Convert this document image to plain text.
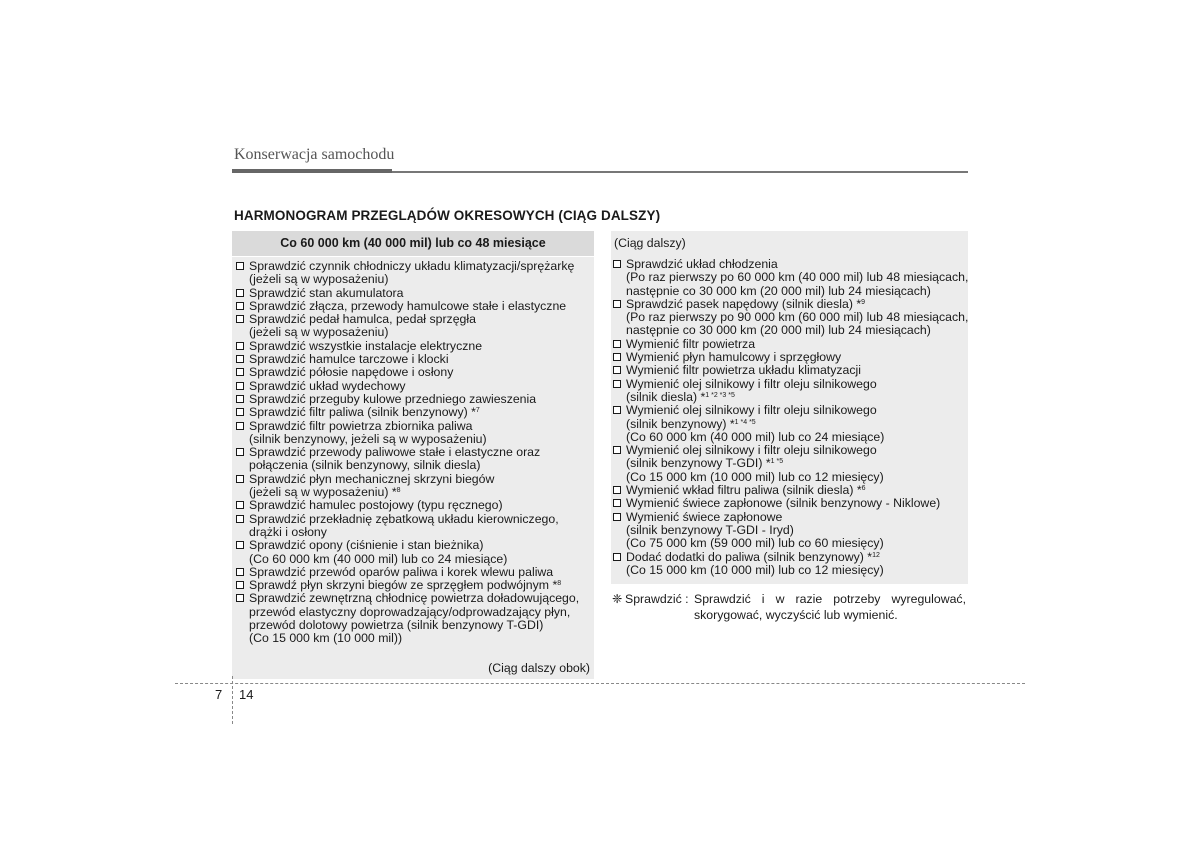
Konserwacja samochodu
HARMONOGRAM PRZEGLĄDÓW OKRESOWYCH (CIĄG DALSZY)
Co 60 000 km (40 000 mil) lub co 48 miesiące
Sprawdzić czynnik chłodniczy układu klimatyzacji/sprężarkę
(jeżeli są w wyposażeniu)
Sprawdzić stan akumulatora
Sprawdzić złącza, przewody hamulcowe stałe i elastyczne
Sprawdzić pedał hamulca, pedał sprzęgła
(jeżeli są w wyposażeniu)
Sprawdzić wszystkie instalacje elektryczne
Sprawdzić hamulce tarczowe i klocki
Sprawdzić półosie napędowe i osłony
Sprawdzić układ wydechowy
Sprawdzić przeguby kulowe przedniego zawieszenia
Sprawdzić filtr paliwa (silnik benzynowy) *$^7$
Sprawdzić filtr powietrza zbiornika paliwa
(silnik benzynowy, jeżeli są w wyposażeniu)
Sprawdzić przewody paliwowe stałe i elastyczne oraz
połączenia (silnik benzynowy, silnik diesla)
Sprawdzić płyn mechanicznej skrzyni biegów
(jeżeli są w wyposażeniu) *$^8$
Sprawdzić hamulec postojowy (typu ręcznego)
Sprawdzić przekładnię zębatkową układu kierowniczego,
drążki i osłony
Sprawdzić opony (ciśnienie i stan bieżnika)
(Co 60 000 km (40 000 mil) lub co 24 miesiące)
Sprawdzić przewód oparów paliwa i korek wlewu paliwa
Sprawdź płyn skrzyni biegów ze sprzęgłem podwójnym *$^8$
Sprawdzić zewnętrzną chłodnicę powietrza doładowującego,
przewód elastyczny doprowadzający/odprowadzający płyn,
przewód dolotowy powietrza (silnik benzynowy T-GDI)
(Co 15 000 km (10 000 mil))
(Ciąg dalszy obok)
(Ciąg dalszy)
Sprawdzić układ chłodzenia
(Po raz pierwszy po 60 000 km (40 000 mil) lub 48 miesiącach,
następnie co 30 000 km (20 000 mil) lub 24 miesiącach)
Sprawdzić pasek napędowy (silnik diesla) *$^9$
(Po raz pierwszy po 90 000 km (60 000 mil) lub 48 miesiącach,
następnie co 30 000 km (20 000 mil) lub 24 miesiącach)
Wymienić filtr powietrza
Wymienić płyn hamulcowy i sprzęgłowy
Wymienić filtr powietrza układu klimatyzacji
Wymienić olej silnikowy i filtr oleju silnikowego
(silnik diesla) *$^{1 *2 *3 *5}$
Wymienić olej silnikowy i filtr oleju silnikowego
(silnik benzynowy) *$^{1 *4 *5}$
(Co 60 000 km (40 000 mil) lub co 24 miesiące)
Wymienić olej silnikowy i filtr oleju silnikowego
(silnik benzynowy T-GDI) *$^{1 *5}$
(Co 15 000 km (10 000 mil) lub co 12 miesięcy)
Wymienić wkład filtru paliwa (silnik diesla) *$^6$
Wymienić świece zapłonowe (silnik benzynowy - Niklowe)
Wymienić świece zapłonowe
(silnik benzynowy T-GDI - Iryd)
(Co 75 000 km (59 000 mil) lub co 60 miesięcy)
Dodać dodatki do paliwa (silnik benzynowy) *$^{12}$
(Co 15 000 km (10 000 mil) lub co 12 miesięcy)
❈ Sprawdzić : Sprawdzić i w razie potrzeby wyregulować, skorygować, wyczyścić lub wymienić.
7 14
